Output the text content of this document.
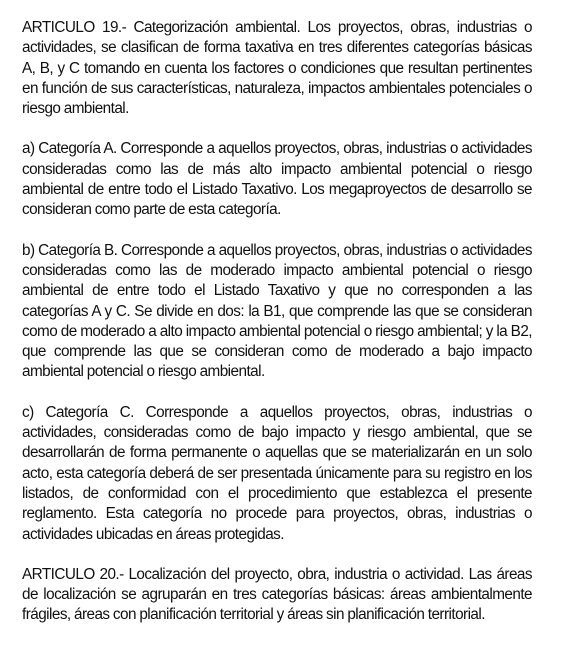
ARTICULO 19.- Categorización ambiental. Los proyectos, obras, industrias o actividades, se clasifican de forma taxativa en tres diferentes categorías básicas A, B, y C tomando en cuenta los factores o condiciones que resultan pertinentes en función de sus características, naturaleza, impactos ambientales potenciales o riesgo ambiental.

a) Categoría A. Corresponde a aquellos proyectos, obras, industrias o actividades consideradas como las de más alto impacto ambiental potencial o riesgo ambiental de entre todo el Listado Taxativo. Los megaproyectos de desarrollo se consideran como parte de esta categoría.

b) Categoría B. Corresponde a aquellos proyectos, obras, industrias o actividades consideradas como las de moderado impacto ambiental potencial o riesgo ambiental de entre todo el Listado Taxativo y que no corresponden a las categorías A y C. Se divide en dos: la B1, que comprende las que se consideran como de moderado a alto impacto ambiental potencial o riesgo ambiental; y la B2, que comprende las que se consideran como de moderado a bajo impacto ambiental potencial o riesgo ambiental.

c) Categoría C. Corresponde a aquellos proyectos, obras, industrias o actividades, consideradas como de bajo impacto y riesgo ambiental, que se desarrollarán de forma permanente o aquellas que se materializarán en un solo acto, esta categoría deberá de ser presentada únicamente para su registro en los listados, de conformidad con el procedimiento que establezca el presente reglamento. Esta categoría no procede para proyectos, obras, industrias o actividades ubicadas en áreas protegidas.

ARTICULO 20.- Localización del proyecto, obra, industria o actividad. Las áreas de localización se agruparán en tres categorías básicas: áreas ambientalmente frágiles, áreas con planificación territorial y áreas sin planificación territorial.
